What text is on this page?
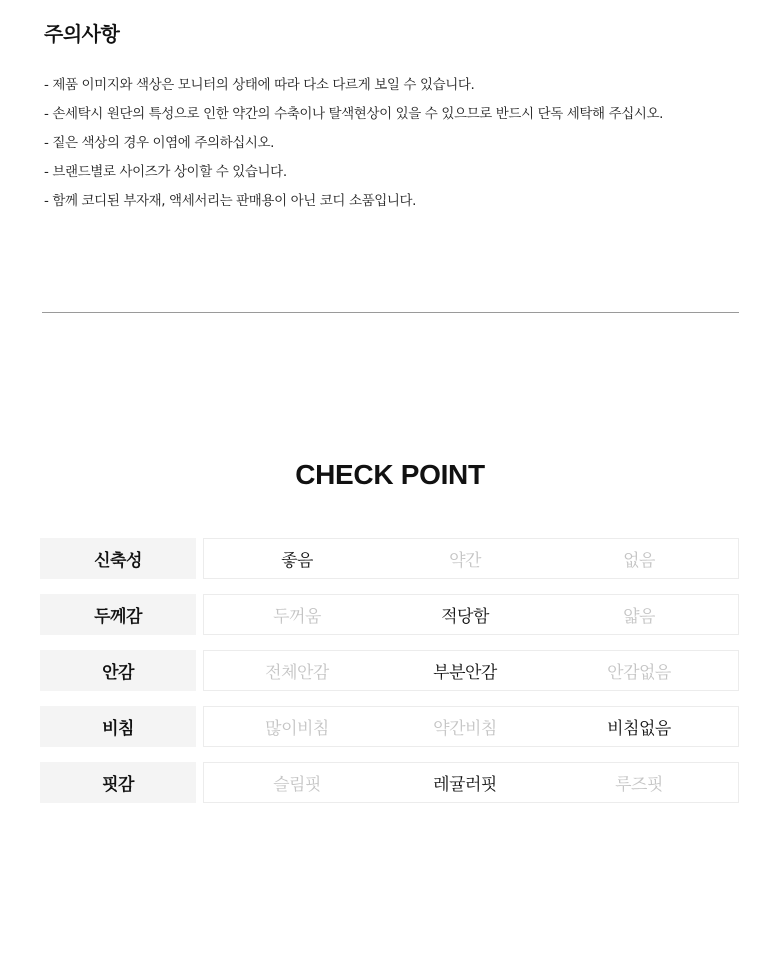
주의사항
- 제품 이미지와 색상은 모니터의 상태에 따라 다소 다르게 보일 수 있습니다.
- 손세탁시 원단의 특성으로 인한 약간의 수축이나 탈색현상이 있을 수 있으므로 반드시 단독 세탁해 주십시오.
- 짙은 색상의 경우 이염에 주의하십시오.
- 브랜드별로 사이즈가 상이할 수 있습니다.
- 함께 코디된 부자재, 액세서리는 판매용이 아닌 코디 소품입니다.
CHECK POINT
신축성	좋음	약간	없음
두께감	두꺼움	적당함	얇음
안감	전체안감	부분안감	안감없음
비침	많이비침	약간비침	비침없음
핏감	슬림핏	레귤러핏	루즈핏
